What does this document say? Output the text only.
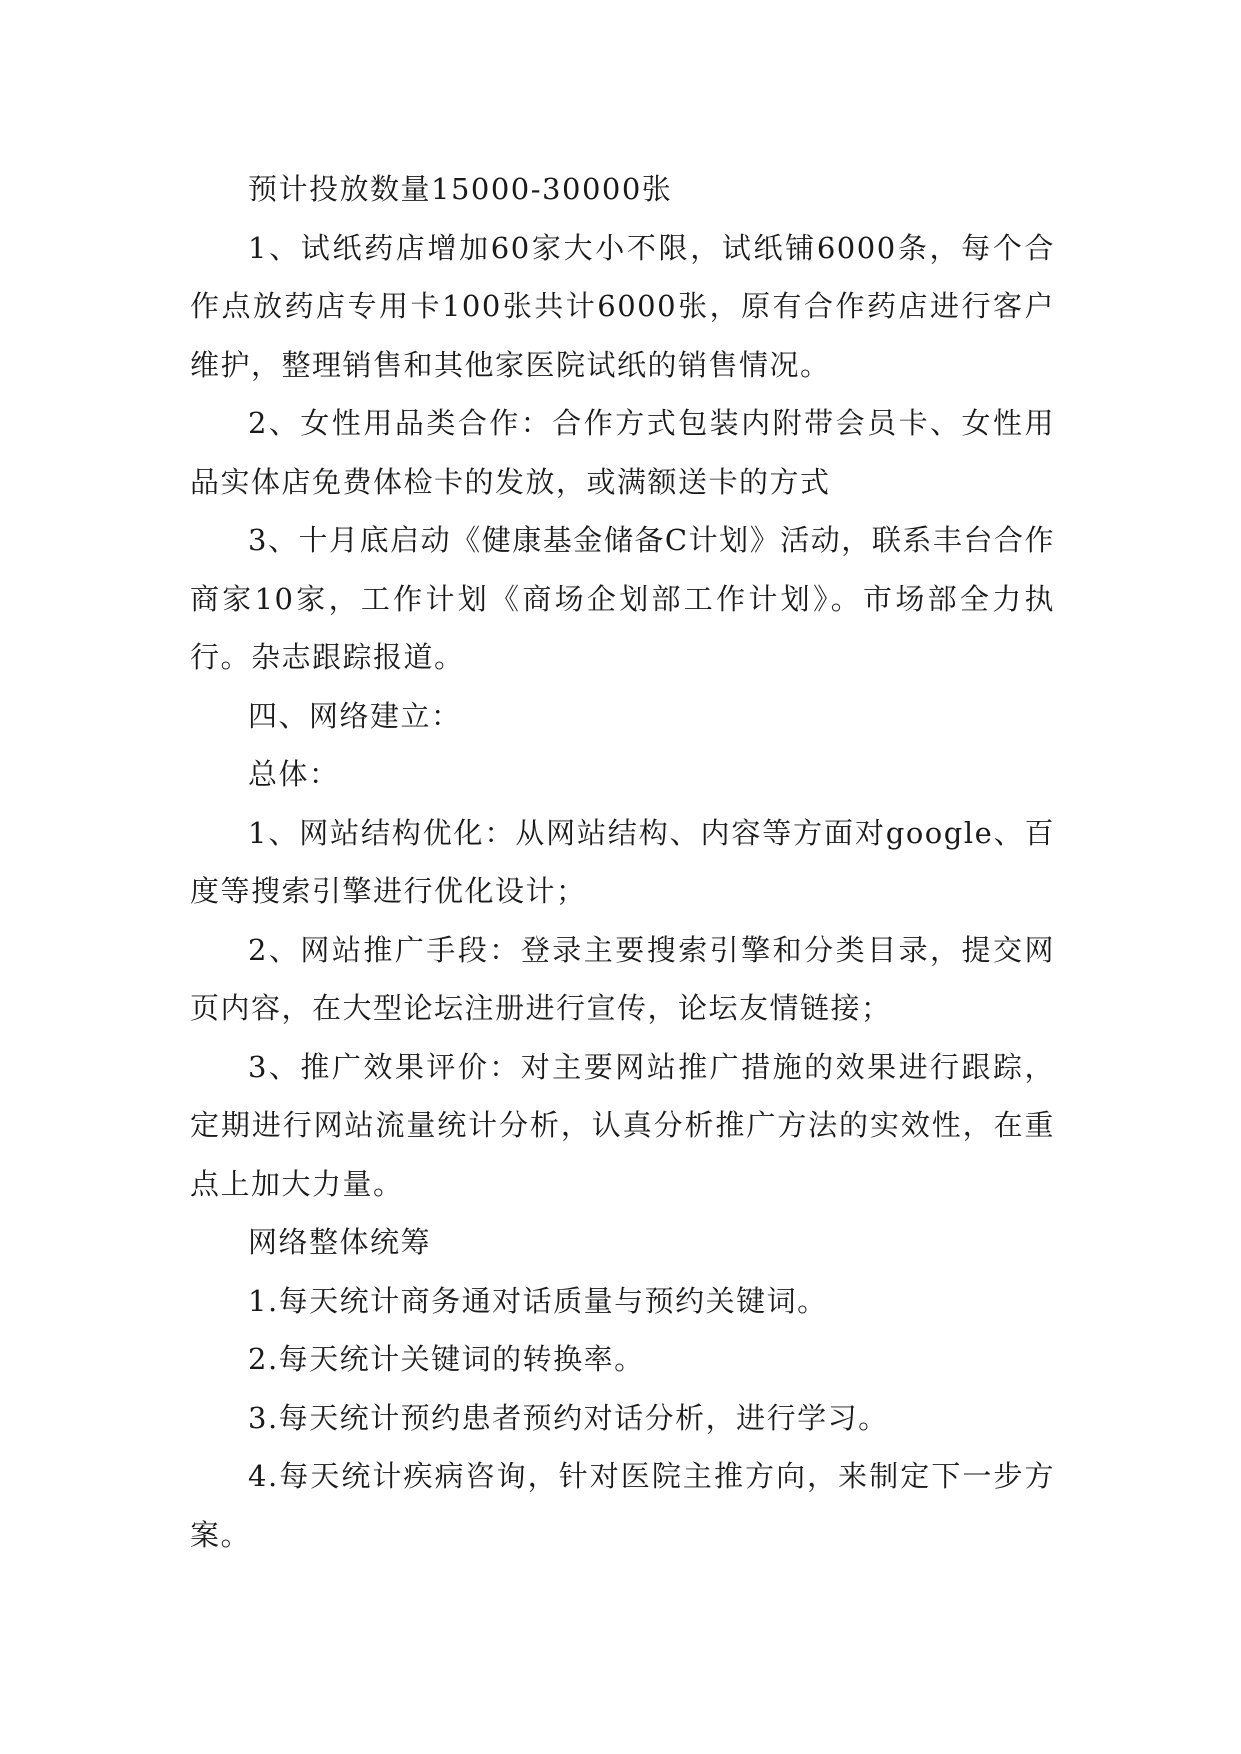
预计投放数量15000-30000张

1、试纸药店增加60家大小不限，试纸铺6000条，每个合作点放药店专用卡100张共计6000张，原有合作药店进行客户维护，整理销售和其他家医院试纸的销售情况。

2、女性用品类合作：合作方式包装内附带会员卡、女性用品实体店免费体检卡的发放，或满额送卡的方式

3、十月底启动《健康基金储备C计划》活动，联系丰台合作商家10家，工作计划《商场企划部工作计划》。市场部全力执行。杂志跟踪报道。

四、网络建立：

总体：

1、网站结构优化：从网站结构、内容等方面对google、百度等搜索引擎进行优化设计；

2、网站推广手段：登录主要搜索引擎和分类目录，提交网页内容，在大型论坛注册进行宣传，论坛友情链接；

3、推广效果评价：对主要网站推广措施的效果进行跟踪，定期进行网站流量统计分析，认真分析推广方法的实效性，在重点上加大力量。

网络整体统筹

1.每天统计商务通对话质量与预约关键词。

2.每天统计关键词的转换率。

3.每天统计预约患者预约对话分析，进行学习。

4.每天统计疾病咨询，针对医院主推方向，来制定下一步方案。
